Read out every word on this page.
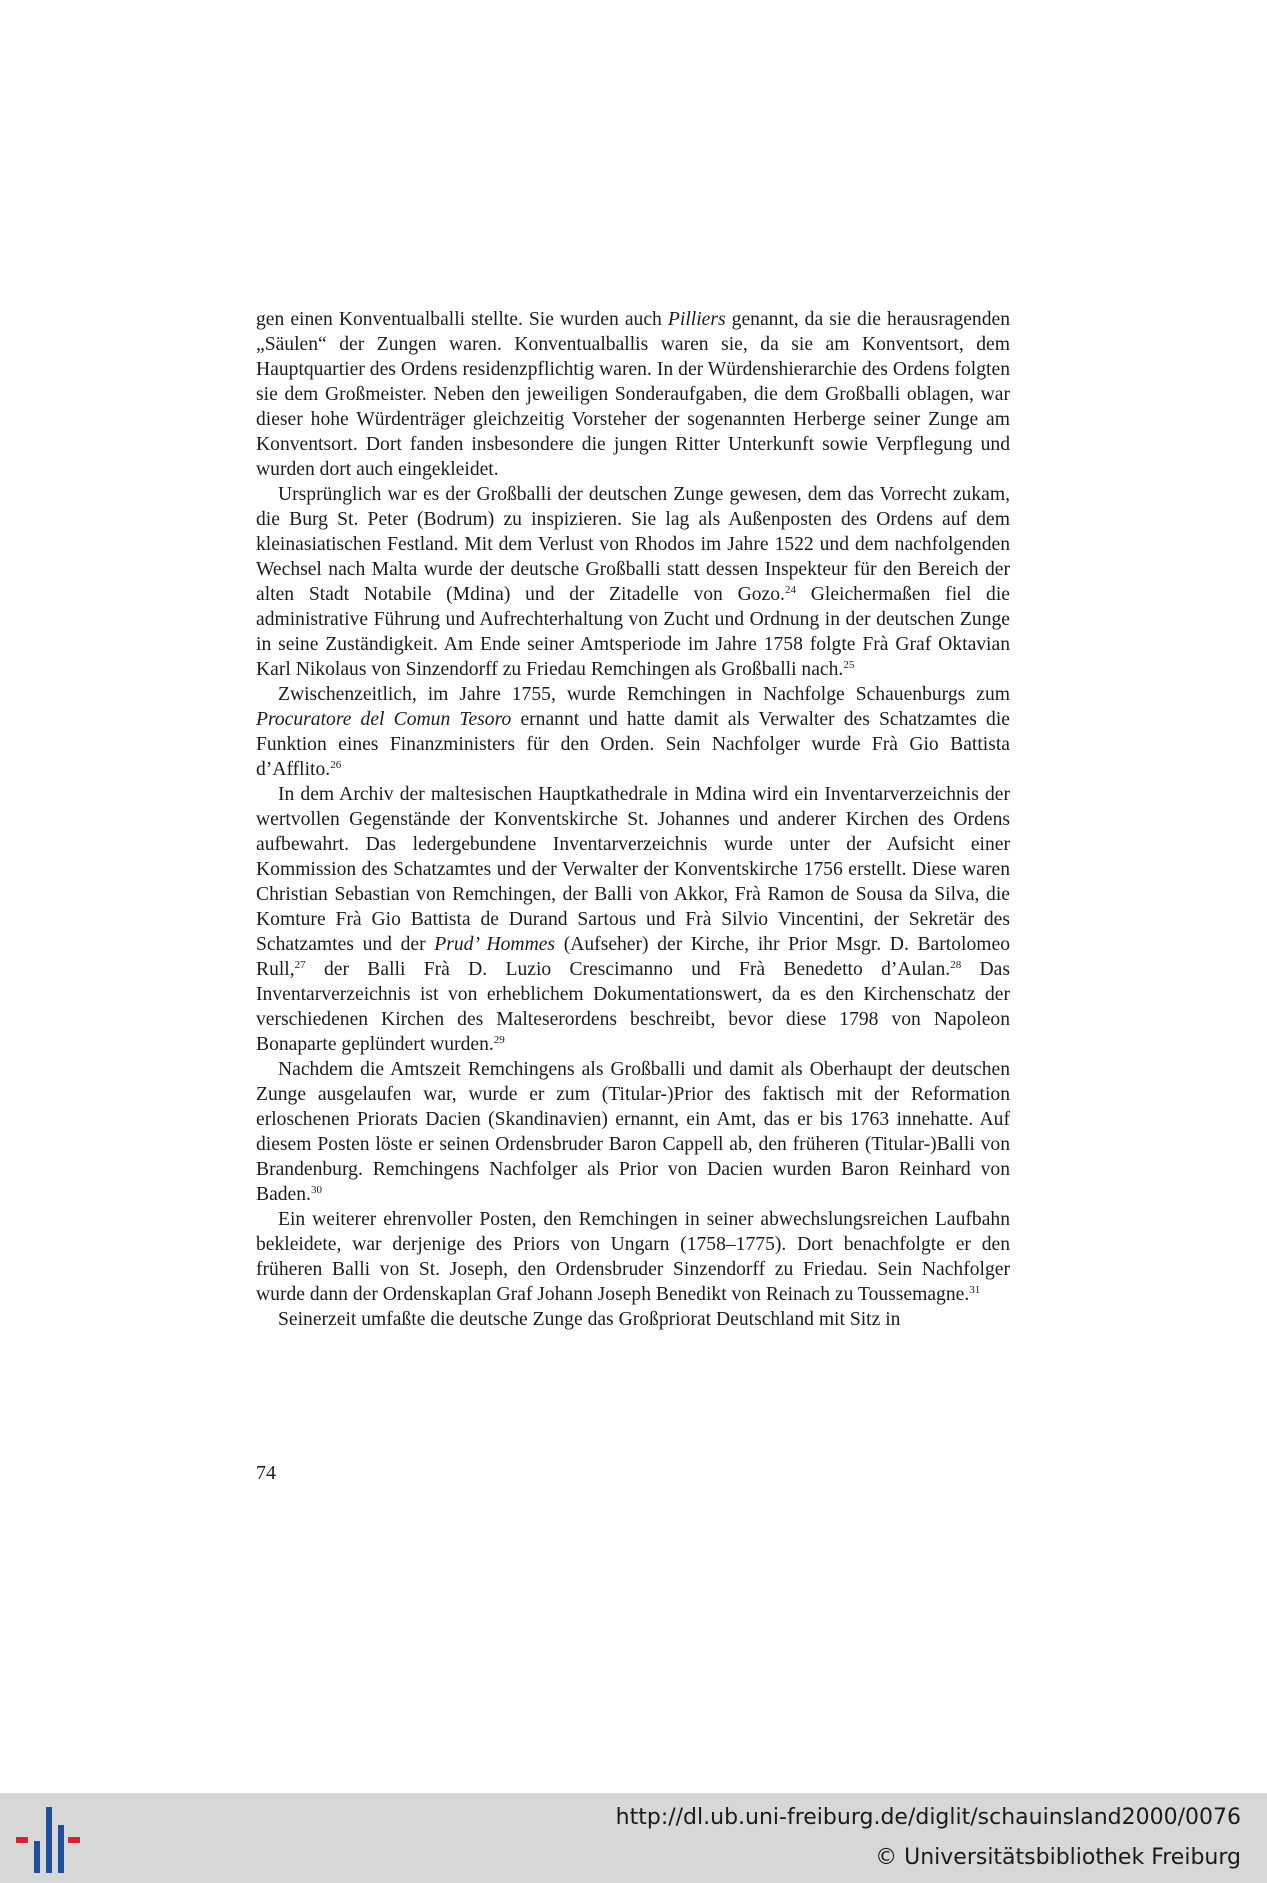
gen einen Konventualballi stellte. Sie wurden auch Pilliers genannt, da sie die herausragenden „Säulen“ der Zungen waren. Konventualballis waren sie, da sie am Konventsort, dem Hauptquartier des Ordens residenzpflichtig waren. In der Würdenshierarchie des Ordens folgten sie dem Großmeister. Neben den jeweiligen Sonderaufgaben, die dem Großballi oblagen, war dieser hohe Würdenträger gleichzeitig Vorsteher der sogenannten Herberge seiner Zunge am Konventsort. Dort fanden insbesondere die jungen Ritter Unterkunft sowie Verpflegung und wurden dort auch eingekleidet.

Ursprünglich war es der Großballi der deutschen Zunge gewesen, dem das Vorrecht zukam, die Burg St. Peter (Bodrum) zu inspizieren. Sie lag als Außenposten des Ordens auf dem kleinasiatischen Festland. Mit dem Verlust von Rhodos im Jahre 1522 und dem nachfolgenden Wechsel nach Malta wurde der deutsche Großballi statt dessen Inspekteur für den Bereich der alten Stadt Notabile (Mdina) und der Zitadelle von Gozo.$^{24}$ Gleichermaßen fiel die administrative Führung und Aufrechterhaltung von Zucht und Ordnung in der deutschen Zunge in seine Zuständigkeit. Am Ende seiner Amtsperiode im Jahre 1758 folgte Frà Graf Oktavian Karl Nikolaus von Sinzendorff zu Friedau Remchingen als Großballi nach.$^{25}$

Zwischenzeitlich, im Jahre 1755, wurde Remchingen in Nachfolge Schauenburgs zum Procuratore del Comun Tesoro ernannt und hatte damit als Verwalter des Schatzamtes die Funktion eines Finanzministers für den Orden. Sein Nachfolger wurde Frà Gio Battista d’Afflito.$^{26}$

In dem Archiv der maltesischen Hauptkathedrale in Mdina wird ein Inventarverzeichnis der wertvollen Gegenstände der Konventskirche St. Johannes und anderer Kirchen des Ordens aufbewahrt. Das ledergebundene Inventarverzeichnis wurde unter der Aufsicht einer Kommission des Schatzamtes und der Verwalter der Konventskirche 1756 erstellt. Diese waren Christian Sebastian von Remchingen, der Balli von Akkor, Frà Ramon de Sousa da Silva, die Komture Frà Gio Battista de Durand Sartous und Frà Silvio Vincentini, der Sekretär des Schatzamtes und der Prud’ Hommes (Aufseher) der Kirche, ihr Prior Msgr. D. Bartolomeo Rull,$^{27}$ der Balli Frà D. Luzio Crescimanno und Frà Benedetto d’Aulan.$^{28}$ Das Inventarverzeichnis ist von erheblichem Dokumentationswert, da es den Kirchenschatz der verschiedenen Kirchen des Malteserordens beschreibt, bevor diese 1798 von Napoleon Bonaparte geplündert wurden.$^{29}$

Nachdem die Amtszeit Remchingens als Großballi und damit als Oberhaupt der deutschen Zunge ausgelaufen war, wurde er zum (Titular-)Prior des faktisch mit der Reformation erloschenen Priorats Dacien (Skandinavien) ernannt, ein Amt, das er bis 1763 innehatte. Auf diesem Posten löste er seinen Ordensbruder Baron Cappell ab, den früheren (Titular-)Balli von Brandenburg. Remchingens Nachfolger als Prior von Dacien wurden Baron Reinhard von Baden.$^{30}$

Ein weiterer ehrenvoller Posten, den Remchingen in seiner abwechslungsreichen Laufbahn bekleidete, war derjenige des Priors von Ungarn (1758–1775). Dort benachfolgte er den früheren Balli von St. Joseph, den Ordensbruder Sinzendorff zu Friedau. Sein Nachfolger wurde dann der Ordenskaplan Graf Johann Joseph Benedikt von Reinach zu Toussemagne.$^{31}$

Seinerzeit umfaßte die deutsche Zunge das Großpriorat Deutschland mit Sitz in

74
http://dl.ub.uni-freiburg.de/diglit/schauinsland2000/0076
© Universitätsbibliothek Freiburg
